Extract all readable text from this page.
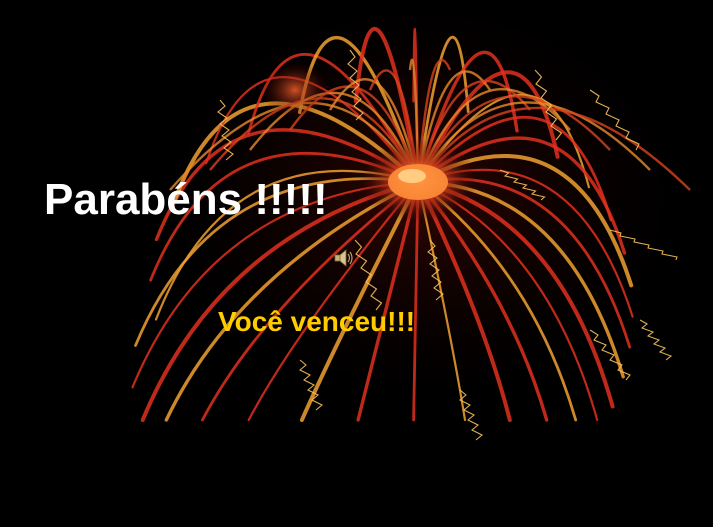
Parabéns !!!!!
Você venceu!!!
